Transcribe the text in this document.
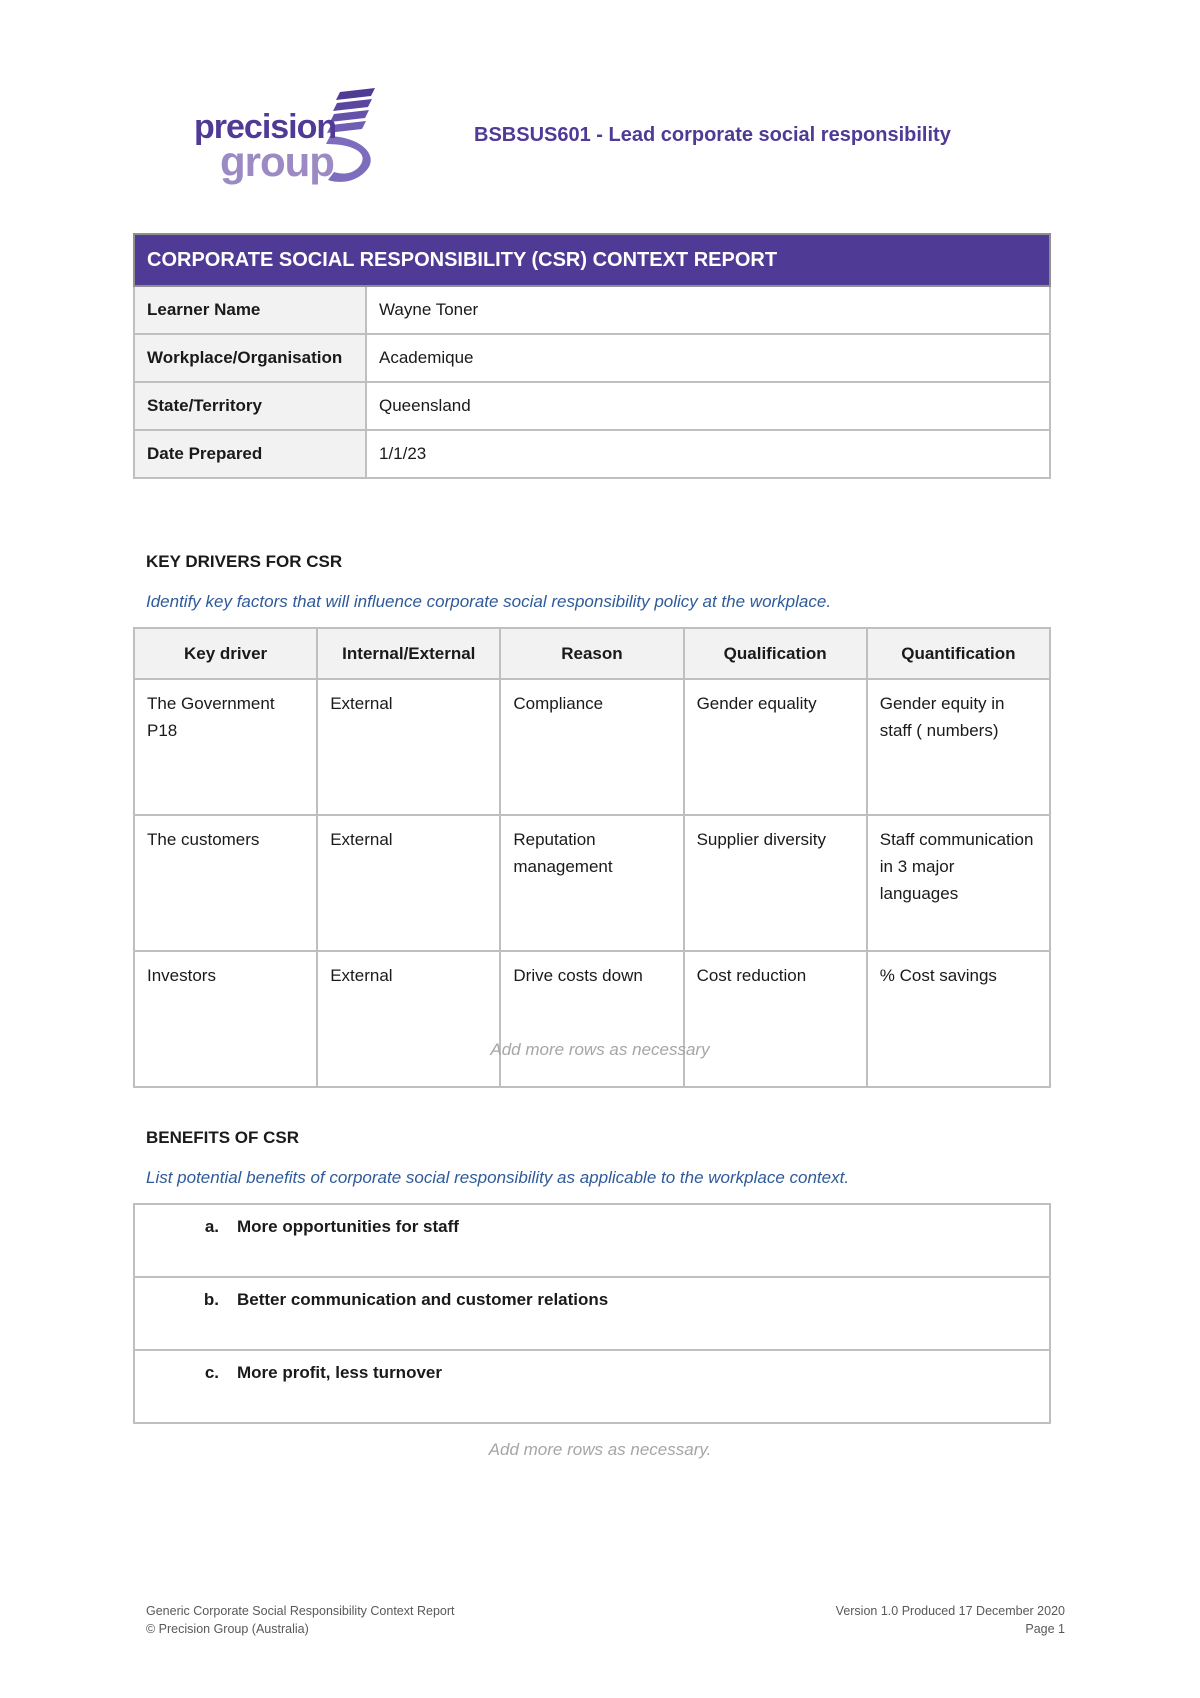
precision
group
BSBSUS601 - Lead corporate social responsibility
CORPORATE SOCIAL RESPONSIBILITY (CSR) CONTEXT REPORT	
Learner Name	Wayne Toner
Workplace/Organisation	Academique
State/Territory	Queensland
Date Prepared	1/1/23
KEY DRIVERS FOR CSR
Identify key factors that will influence corporate social responsibility policy at the workplace.
Key driver	Internal/External	Reason	Qualification	Quantification
The Government P18	External	Compliance	Gender equality	Gender equity in staff ( numbers)
The customers	External	Reputation management	Supplier diversity	Staff communication in 3 major languages
Investors	External	Drive costs down	Cost reduction	% Cost savings
Add more rows as necessary
BENEFITS OF CSR
List potential benefits of corporate social responsibility as applicable to the workplace context.
a.	More opportunities for staff

b.	Better communication and customer relations

c.	More profit, less turnover
Add more rows as necessary.
Generic Corporate Social Responsibility Context Report
© Precision Group (Australia)
Version 1.0 Produced 17 December 2020
Page 1
